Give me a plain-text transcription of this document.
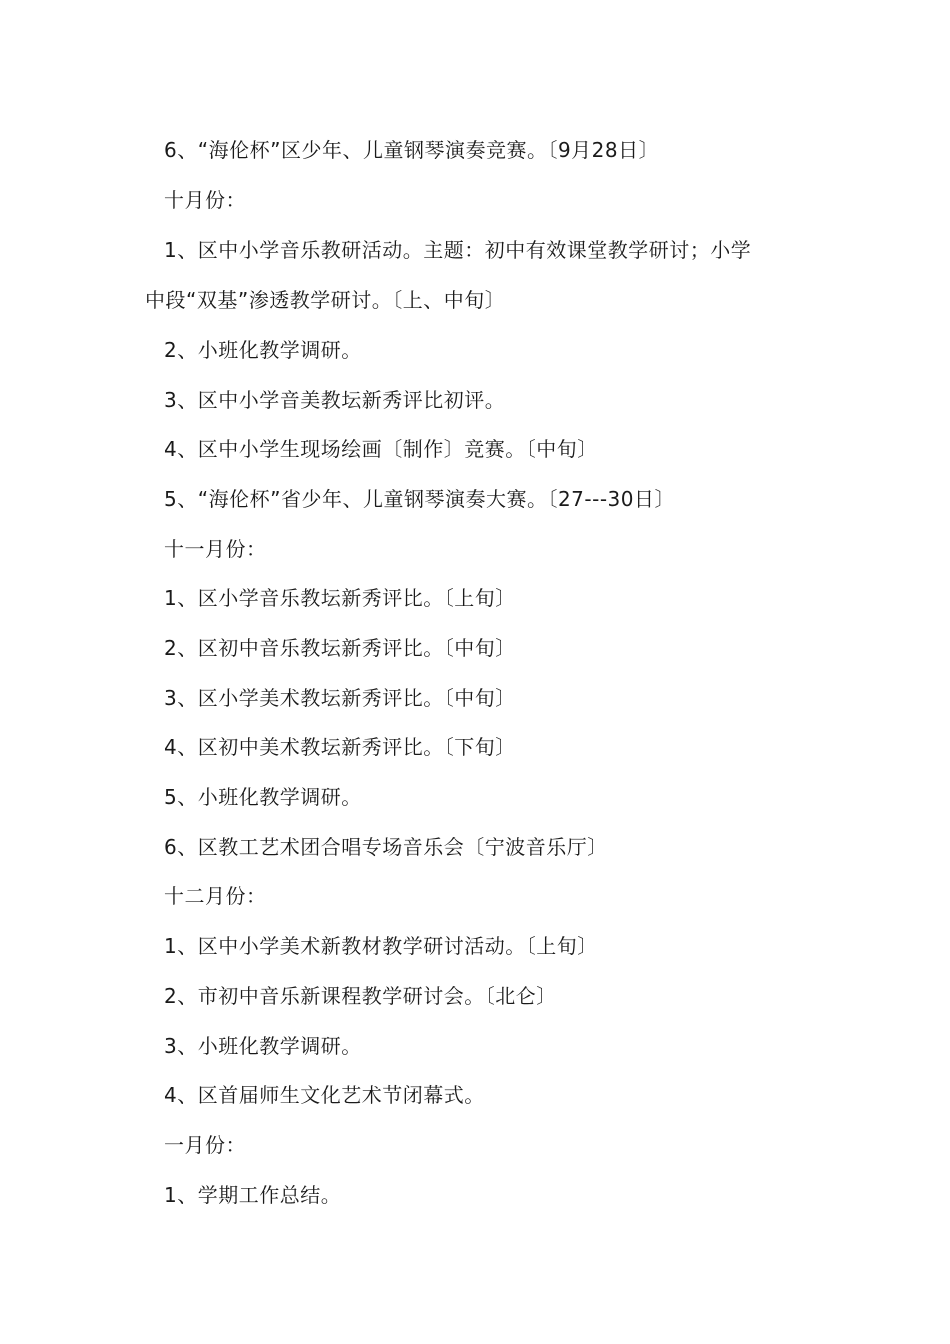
6、“海伦杯”区少年、儿童钢琴演奏竞赛。〔9月28日〕
十月份：
1、区中小学音乐教研活动。主题：初中有效课堂教学研讨；小学
中段“双基”渗透教学研讨。〔上、中旬〕
2、小班化教学调研。
3、区中小学音美教坛新秀评比初评。
4、区中小学生现场绘画〔制作〕竞赛。〔中旬〕
5、“海伦杯”省少年、儿童钢琴演奏大赛。〔27---30日〕
十一月份：
1、区小学音乐教坛新秀评比。〔上旬〕
2、区初中音乐教坛新秀评比。〔中旬〕
3、区小学美术教坛新秀评比。〔中旬〕
4、区初中美术教坛新秀评比。〔下旬〕
5、小班化教学调研。
6、区教工艺术团合唱专场音乐会〔宁波音乐厅〕
十二月份：
1、区中小学美术新教材教学研讨活动。〔上旬〕
2、市初中音乐新课程教学研讨会。〔北仑〕
3、小班化教学调研。
4、区首届师生文化艺术节闭幕式。
一月份：
1、学期工作总结。
